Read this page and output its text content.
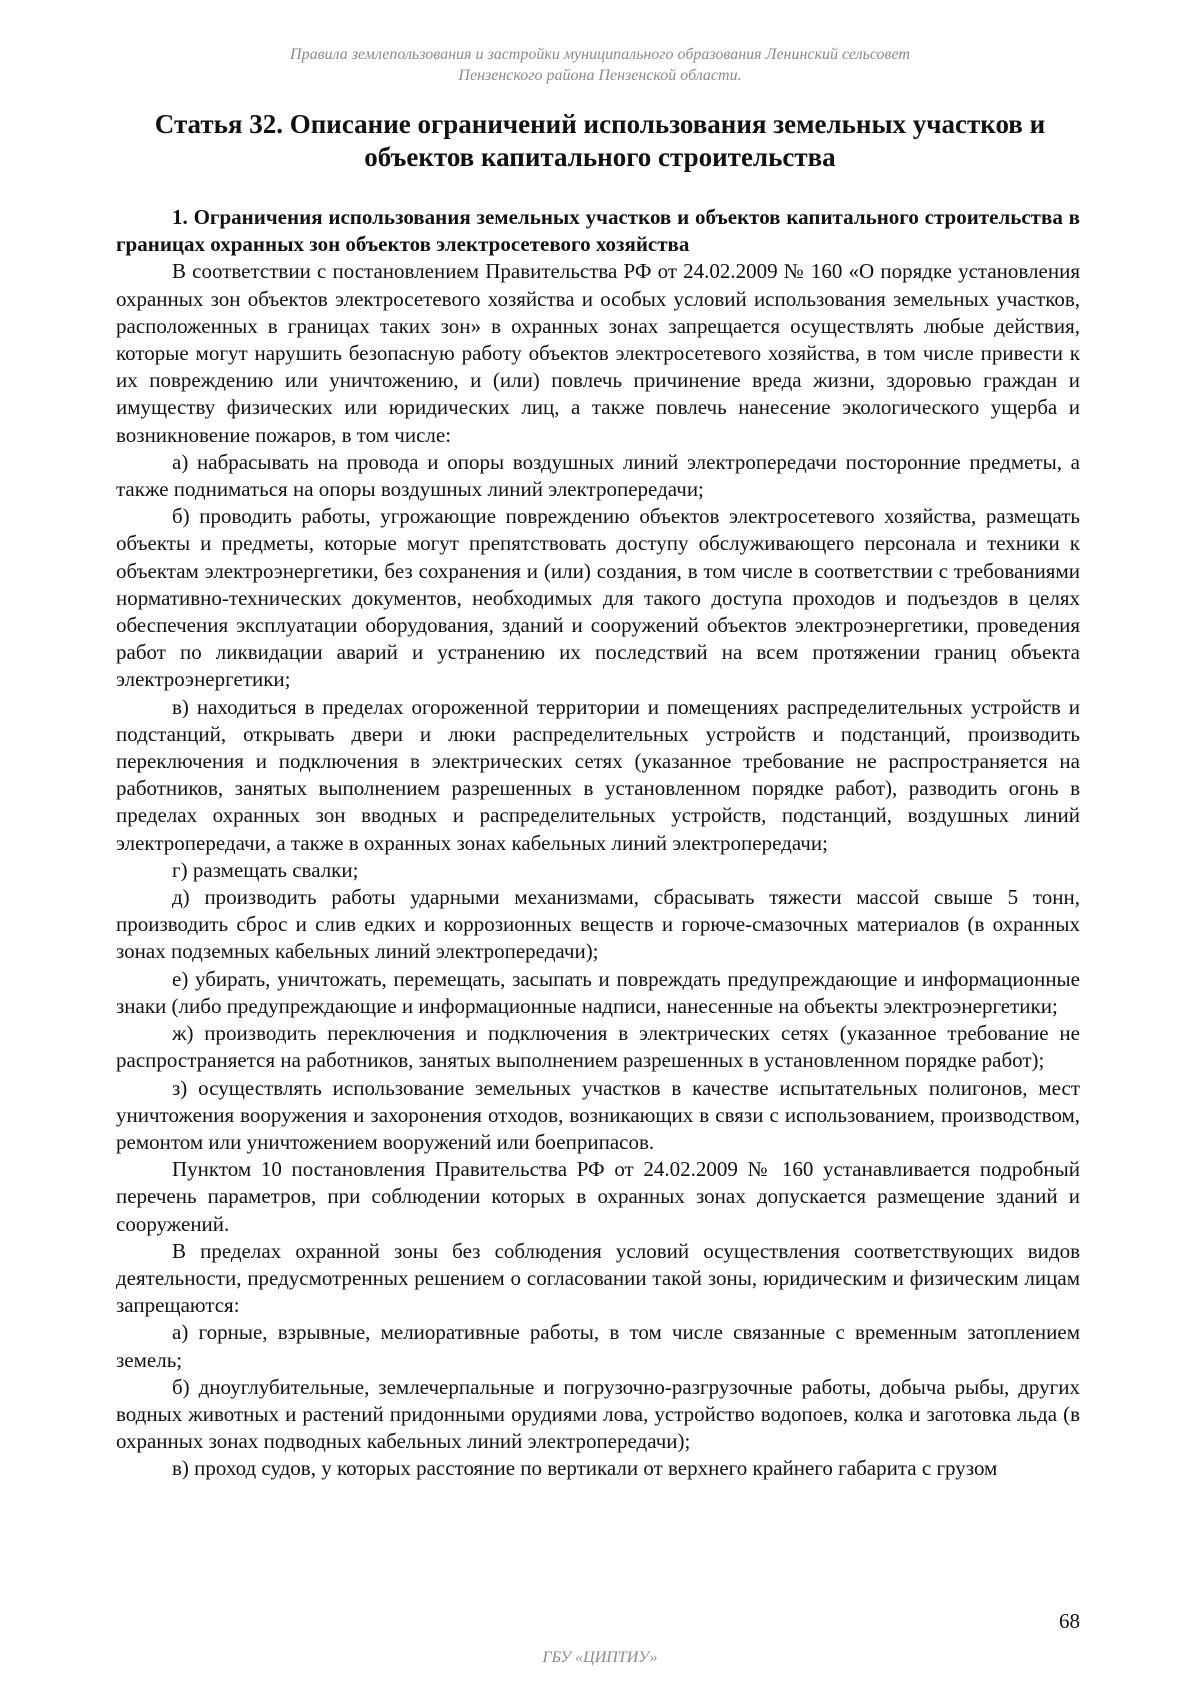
Правила землепользования и застройки муниципального образования Ленинский сельсовет
Пензенского района Пензенской области.
Статья 32. Описание ограничений использования земельных участков и объектов капитального строительства

1. Ограничения использования земельных участков и объектов капитального строительства в границах охранных зон объектов электросетевого хозяйства

В соответствии с постановлением Правительства РФ от 24.02.2009 № 160 «О порядке установления охранных зон объектов электросетевого хозяйства и особых условий использования земельных участков, расположенных в границах таких зон» в охранных зонах запрещается осуществлять любые действия, которые могут нарушить безопасную работу объектов электросетевого хозяйства, в том числе привести к их повреждению или уничтожению, и (или) повлечь причинение вреда жизни, здоровью граждан и имуществу физических или юридических лиц, а также повлечь нанесение экологического ущерба и возникновение пожаров, в том числе:

а) набрасывать на провода и опоры воздушных линий электропередачи посторонние предметы, а также подниматься на опоры воздушных линий электропередачи;

б) проводить работы, угрожающие повреждению объектов электросетевого хозяйства, размещать объекты и предметы, которые могут препятствовать доступу обслуживающего персонала и техники к объектам электроэнергетики, без сохранения и (или) создания, в том числе в соответствии с требованиями нормативно-технических документов, необходимых для такого доступа проходов и подъездов в целях обеспечения эксплуатации оборудования, зданий и сооружений объектов электроэнергетики, проведения работ по ликвидации аварий и устранению их последствий на всем протяжении границ объекта электроэнергетики;

в) находиться в пределах огороженной территории и помещениях распределительных устройств и подстанций, открывать двери и люки распределительных устройств и подстанций, производить переключения и подключения в электрических сетях (указанное требование не распространяется на работников, занятых выполнением разрешенных в установленном порядке работ), разводить огонь в пределах охранных зон вводных и распределительных устройств, подстанций, воздушных линий электропередачи, а также в охранных зонах кабельных линий электропередачи;

г) размещать свалки;

д) производить работы ударными механизмами, сбрасывать тяжести массой свыше 5 тонн, производить сброс и слив едких и коррозионных веществ и горюче-смазочных материалов (в охранных зонах подземных кабельных линий электропередачи);

е) убирать, уничтожать, перемещать, засыпать и повреждать предупреждающие и информационные знаки (либо предупреждающие и информационные надписи, нанесенные на объекты электроэнергетики;

ж) производить переключения и подключения в электрических сетях (указанное требование не распространяется на работников, занятых выполнением разрешенных в установленном порядке работ);

з) осуществлять использование земельных участков в качестве испытательных полигонов, мест уничтожения вооружения и захоронения отходов, возникающих в связи с использованием, производством, ремонтом или уничтожением вооружений или боеприпасов.

Пунктом 10 постановления Правительства РФ от 24.02.2009 № 160 устанавливается подробный перечень параметров, при соблюдении которых в охранных зонах допускается размещение зданий и сооружений.

В пределах охранной зоны без соблюдения условий осуществления соответствующих видов деятельности, предусмотренных решением о согласовании такой зоны, юридическим и физическим лицам запрещаются:

а) горные, взрывные, мелиоративные работы, в том числе связанные с временным затоплением земель;

б) дноуглубительные, землечерпальные и погрузочно-разгрузочные работы, добыча рыбы, других водных животных и растений придонными орудиями лова, устройство водопоев, колка и заготовка льда (в охранных зонах подводных кабельных линий электропередачи);

в) проход судов, у которых расстояние по вертикали от верхнего крайнего габарита с грузом

68
ГБУ «ЦИПТИУ»
